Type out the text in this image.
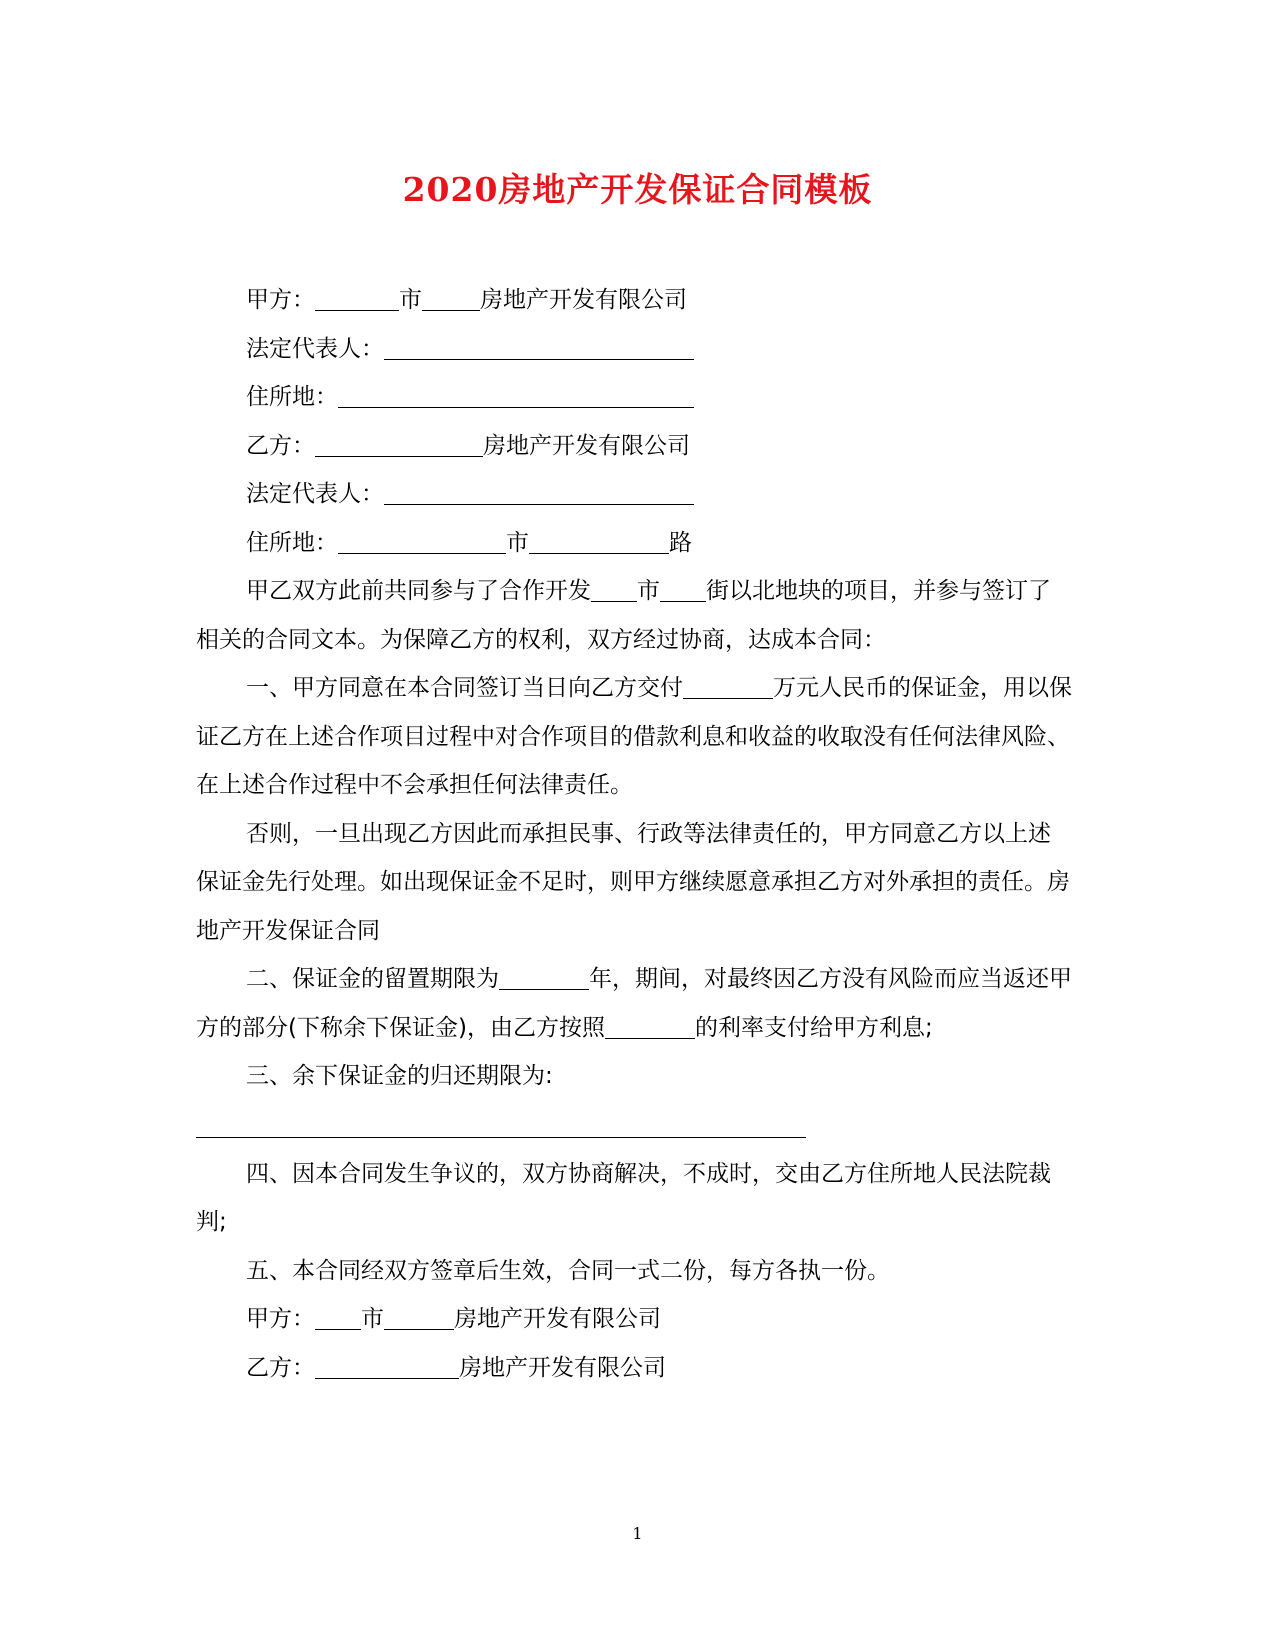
2020房地产开发保证合同模板

甲方：	市	房地产开发有限公司

法定代表人：

住所地：

乙方：	房地产开发有限公司

法定代表人：

住所地：	市	路

甲乙双方此前共同参与了合作开发 市 街以北地块的项目，并参与签订了相关的合同文本。为保障乙方的权利，双方经过协商，达成本合同：

一、甲方同意在本合同签订当日向乙方交付	万元人民币的保证金，用以保证乙方在上述合作项目过程中对合作项目的借款利息和收益的收取没有任何法律风险、在上述合作过程中不会承担任何法律责任。

否则，一旦出现乙方因此而承担民事、行政等法律责任的，甲方同意乙方以上述保证金先行处理。如出现保证金不足时，则甲方继续愿意承担乙方对外承担的责任。房地产开发保证合同

二、保证金的留置期限为	年，期间，对最终因乙方没有风险而应当返还甲方的部分(下称余下保证金)，由乙方按照	的利率支付给甲方利息;

三、余下保证金的归还期限为:

四、因本合同发生争议的，双方协商解决，不成时，交由乙方住所地人民法院裁判;

五、本合同经双方签章后生效，合同一式二份，每方各执一份。

甲方： 市	房地产开发有限公司

乙方：	房地产开发有限公司

1
